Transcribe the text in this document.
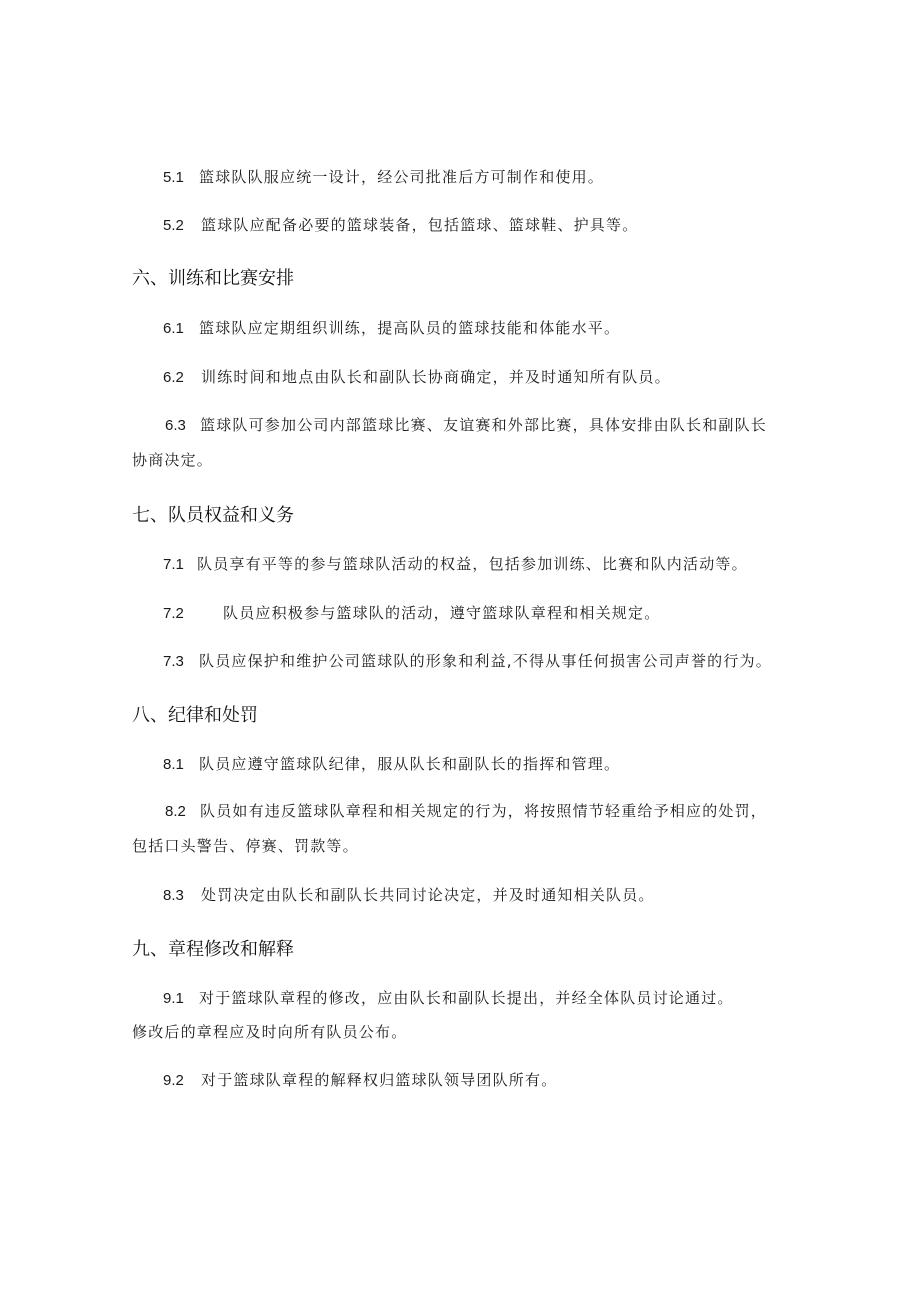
5.1 篮球队队服应统一设计，经公司批准后方可制作和使用。
5.2 篮球队应配备必要的篮球装备，包括篮球、篮球鞋、护具等。
六、训练和比赛安排
6.1 篮球队应定期组织训练，提高队员的篮球技能和体能水平。
6.2 训练时间和地点由队长和副队长协商确定，并及时通知所有队员。
6.3 篮球队可参加公司内部篮球比赛、友谊赛和外部比赛，具体安排由队长和副队长
协商决定。
七、队员权益和义务
7.1 队员享有平等的参与篮球队活动的权益，包括参加训练、比赛和队内活动等。
7.2	队员应积极参与篮球队的活动，遵守篮球队章程和相关规定。
7.3 队员应保护和维护公司篮球队的形象和利益,不得从事任何损害公司声誉的行为。
八、纪律和处罚
8.1 队员应遵守篮球队纪律，服从队长和副队长的指挥和管理。
8.2 队员如有违反篮球队章程和相关规定的行为，将按照情节轻重给予相应的处罚，
包括口头警告、停赛、罚款等。
8.3 处罚决定由队长和副队长共同讨论决定，并及时通知相关队员。
九、章程修改和解释
9.1 对于篮球队章程的修改，应由队长和副队长提出，并经全体队员讨论通过。
修改后的章程应及时向所有队员公布。
9.2 对于篮球队章程的解释权归篮球队领导团队所有。
